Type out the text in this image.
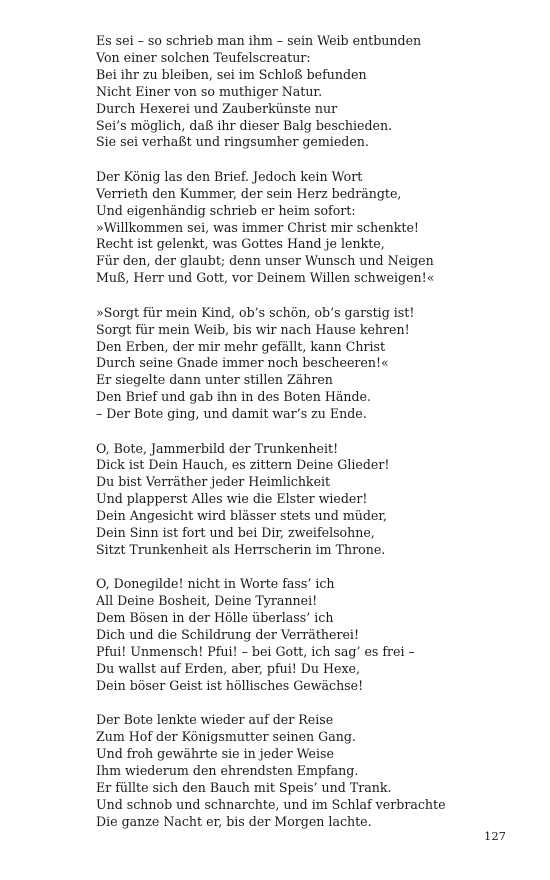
Es sei – so schrieb man ihm – sein Weib entbunden
Von einer solchen Teufelscreatur:
Bei ihr zu bleiben, sei im Schloß befunden
Nicht Einer von so muthiger Natur.
Durch Hexerei und Zauberkünste nur
Sei’s möglich, daß ihr dieser Balg beschieden.
Sie sei verhaßt und ringsumher gemieden.
Der König las den Brief. Jedoch kein Wort
Verrieth den Kummer, der sein Herz bedrängte,
Und eigenhändig schrieb er heim sofort:
»Willkommen sei, was immer Christ mir schenkte!
Recht ist gelenkt, was Gottes Hand je lenkte,
Für den, der glaubt; denn unser Wunsch und Neigen
Muß, Herr und Gott, vor Deinem Willen schweigen!«
»Sorgt für mein Kind, ob’s schön, ob’s garstig ist!
Sorgt für mein Weib, bis wir nach Hause kehren!
Den Erben, der mir mehr gefällt, kann Christ
Durch seine Gnade immer noch bescheeren!«
Er siegelte dann unter stillen Zähren
Den Brief und gab ihn in des Boten Hände.
– Der Bote ging, und damit war’s zu Ende.
O, Bote, Jammerbild der Trunkenheit!
Dick ist Dein Hauch, es zittern Deine Glieder!
Du bist Verräther jeder Heimlichkeit
Und plapperst Alles wie die Elster wieder!
Dein Angesicht wird blässer stets und müder,
Dein Sinn ist fort und bei Dir, zweifelsohne,
Sitzt Trunkenheit als Herrscherin im Throne.
O, Donegilde! nicht in Worte fass’ ich
All Deine Bosheit, Deine Tyrannei!
Dem Bösen in der Hölle überlass’ ich
Dich und die Schildrung der Verrätherei!
Pfui! Unmensch! Pfui! – bei Gott, ich sag’ es frei –
Du wallst auf Erden, aber, pfui! Du Hexe,
Dein böser Geist ist höllisches Gewächse!
Der Bote lenkte wieder auf der Reise
Zum Hof der Königsmutter seinen Gang.
Und froh gewährte sie in jeder Weise
Ihm wiederum den ehrendsten Empfang.
Er füllte sich den Bauch mit Speis’ und Trank.
Und schnob und schnarchte, und im Schlaf verbrachte
Die ganze Nacht er, bis der Morgen lachte.
127
